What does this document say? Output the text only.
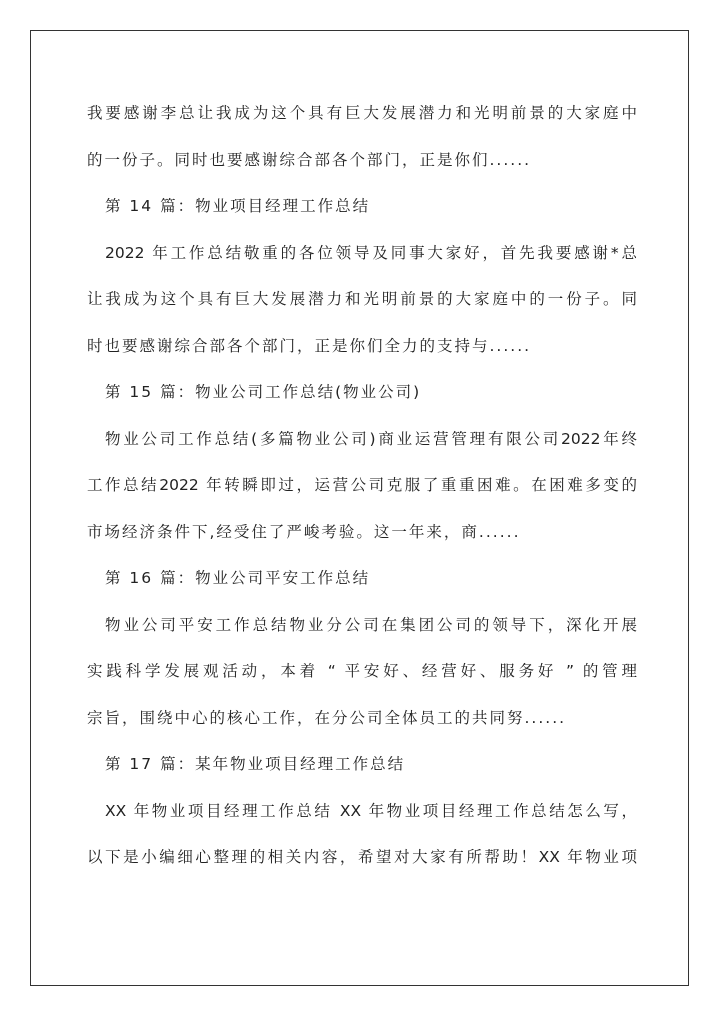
我要感谢李总让我成为这个具有巨大发展潜力和光明前景的大家庭中
的一份子。同时也要感谢综合部各个部门，正是你们......
第 14 篇：物业项目经理工作总结
2022 年工作总结敬重的各位领导及同事大家好，首先我要感谢*总
让我成为这个具有巨大发展潜力和光明前景的大家庭中的一份子。同
时也要感谢综合部各个部门，正是你们全力的支持与......
第 15 篇：物业公司工作总结(物业公司)
物业公司工作总结(多篇物业公司)商业运营管理有限公司2022年终
工作总结2022 年转瞬即过，运营公司克服了重重困难。在困难多变的
市场经济条件下,经受住了严峻考验。这一年来，商......
第 16 篇：物业公司平安工作总结
物业公司平安工作总结物业分公司在集团公司的领导下，深化开展
实践科学发展观活动，本着 “ 平安好、经营好、服务好 ” 的管理
宗旨，围绕中心的核心工作，在分公司全体员工的共同努......
第 17 篇：某年物业项目经理工作总结
XX 年物业项目经理工作总结 XX 年物业项目经理工作总结怎么写，
以下是小编细心整理的相关内容，希望对大家有所帮助！XX 年物业项
